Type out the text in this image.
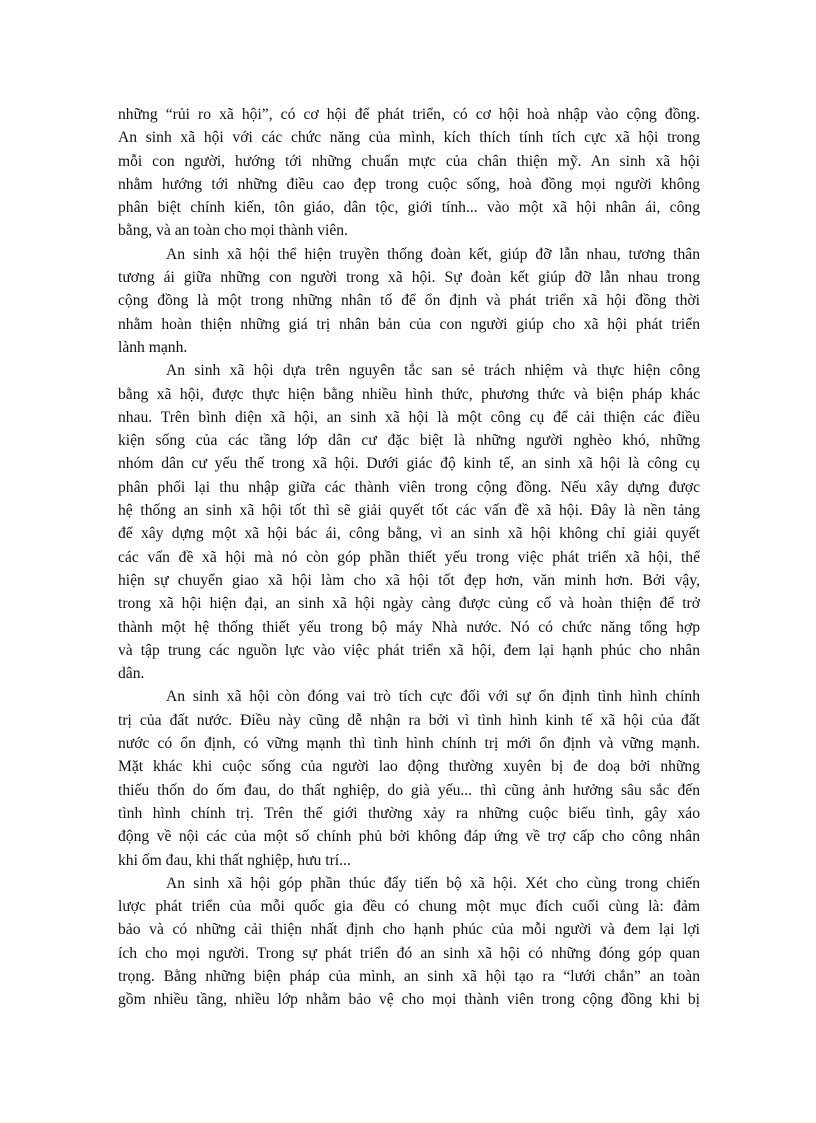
những “rủi ro xã hội”, có cơ hội để phát triển, có cơ hội hoà nhập vào cộng đồng.
An sinh xã hội với các chức năng của mình, kích thích tính tích cực xã hội trong
mỗi con người, hướng tới những chuẩn mực của chân thiện mỹ. An sinh xã hội
nhằm hướng tới những điều cao đẹp trong cuộc sống, hoà đồng mọi người không
phân biệt chính kiến, tôn giáo, dân tộc, giới tính... vào một xã hội nhân ái, công
bằng, và an toàn cho mọi thành viên.
An sinh xã hội thể hiện truyền thống đoàn kết, giúp đỡ lẫn nhau, tương thân
tương ái giữa những con người trong xã hội. Sự đoàn kết giúp đỡ lẫn nhau trong
cộng đồng là một trong những nhân tố để ổn định và phát triển xã hội đồng thời
nhằm hoàn thiện những giá trị nhân bản của con người giúp cho xã hội phát triển
lành mạnh.
An sinh xã hội dựa trên nguyên tắc san sẻ trách nhiệm và thực hiện công
bằng xã hội, được thực hiện bằng nhiều hình thức, phương thức và biện pháp khác
nhau. Trên bình diện xã hội, an sinh xã hội là một công cụ để cải thiện các điều
kiện sống của các tầng lớp dân cư đặc biệt là những người nghèo khó, những
nhóm dân cư yếu thế trong xã hội. Dưới giác độ kinh tế, an sinh xã hội là công cụ
phân phối lại thu nhập giữa các thành viên trong cộng đồng. Nếu xây dựng được
hệ thống an sinh xã hội tốt thì sẽ giải quyết tốt các vấn đề xã hội. Đây là nền tảng
để xây dựng một xã hội bác ái, công bằng, vì an sinh xã hội không chỉ giải quyết
các vấn đề xã hội mà nó còn góp phần thiết yếu trong việc phát triển xã hội, thể
hiện sự chuyển giao xã hội làm cho xã hội tốt đẹp hơn, văn minh hơn. Bởi vậy,
trong xã hội hiện đại, an sinh xã hội ngày càng được củng cố và hoàn thiện để trở
thành một hệ thống thiết yếu trong bộ máy Nhà nước. Nó có chức năng tổng hợp
và tập trung các nguồn lực vào việc phát triển xã hội, đem lại hạnh phúc cho nhân
dân.
An sinh xã hội còn đóng vai trò tích cực đối với sự ổn định tình hình chính
trị của đất nước. Điều này cũng dễ nhận ra bởi vì tình hình kinh tế xã hội của đất
nước có ổn định, có vững mạnh thì tình hình chính trị mới ổn định và vững mạnh.
Mặt khác khi cuộc sống của người lao động thường xuyên bị đe doạ bởi những
thiếu thốn do ốm đau, do thất nghiệp, do già yếu... thì cũng ảnh hưởng sâu sắc đến
tình hình chính trị. Trên thế giới thường xảy ra những cuộc biểu tình, gây xáo
động về nội các của một số chính phủ bởi không đáp ứng về trợ cấp cho công nhân
khi ốm đau, khi thất nghiệp, hưu trí...
An sinh xã hội góp phần thúc đẩy tiến bộ xã hội. Xét cho cùng trong chiến
lược phát triển của mỗi quốc gia đều có chung một mục đích cuối cùng là: đảm
bảo và có những cải thiện nhất định cho hạnh phúc của mỗi người và đem lại lợi
ích cho mọi người. Trong sự phát triển đó an sinh xã hội có những đóng góp quan
trọng. Bằng những biện pháp của mình, an sinh xã hội tạo ra “lưới chắn” an toàn
gồm nhiều tầng, nhiều lớp nhằm bảo vệ cho mọi thành viên trong cộng đồng khi bị
